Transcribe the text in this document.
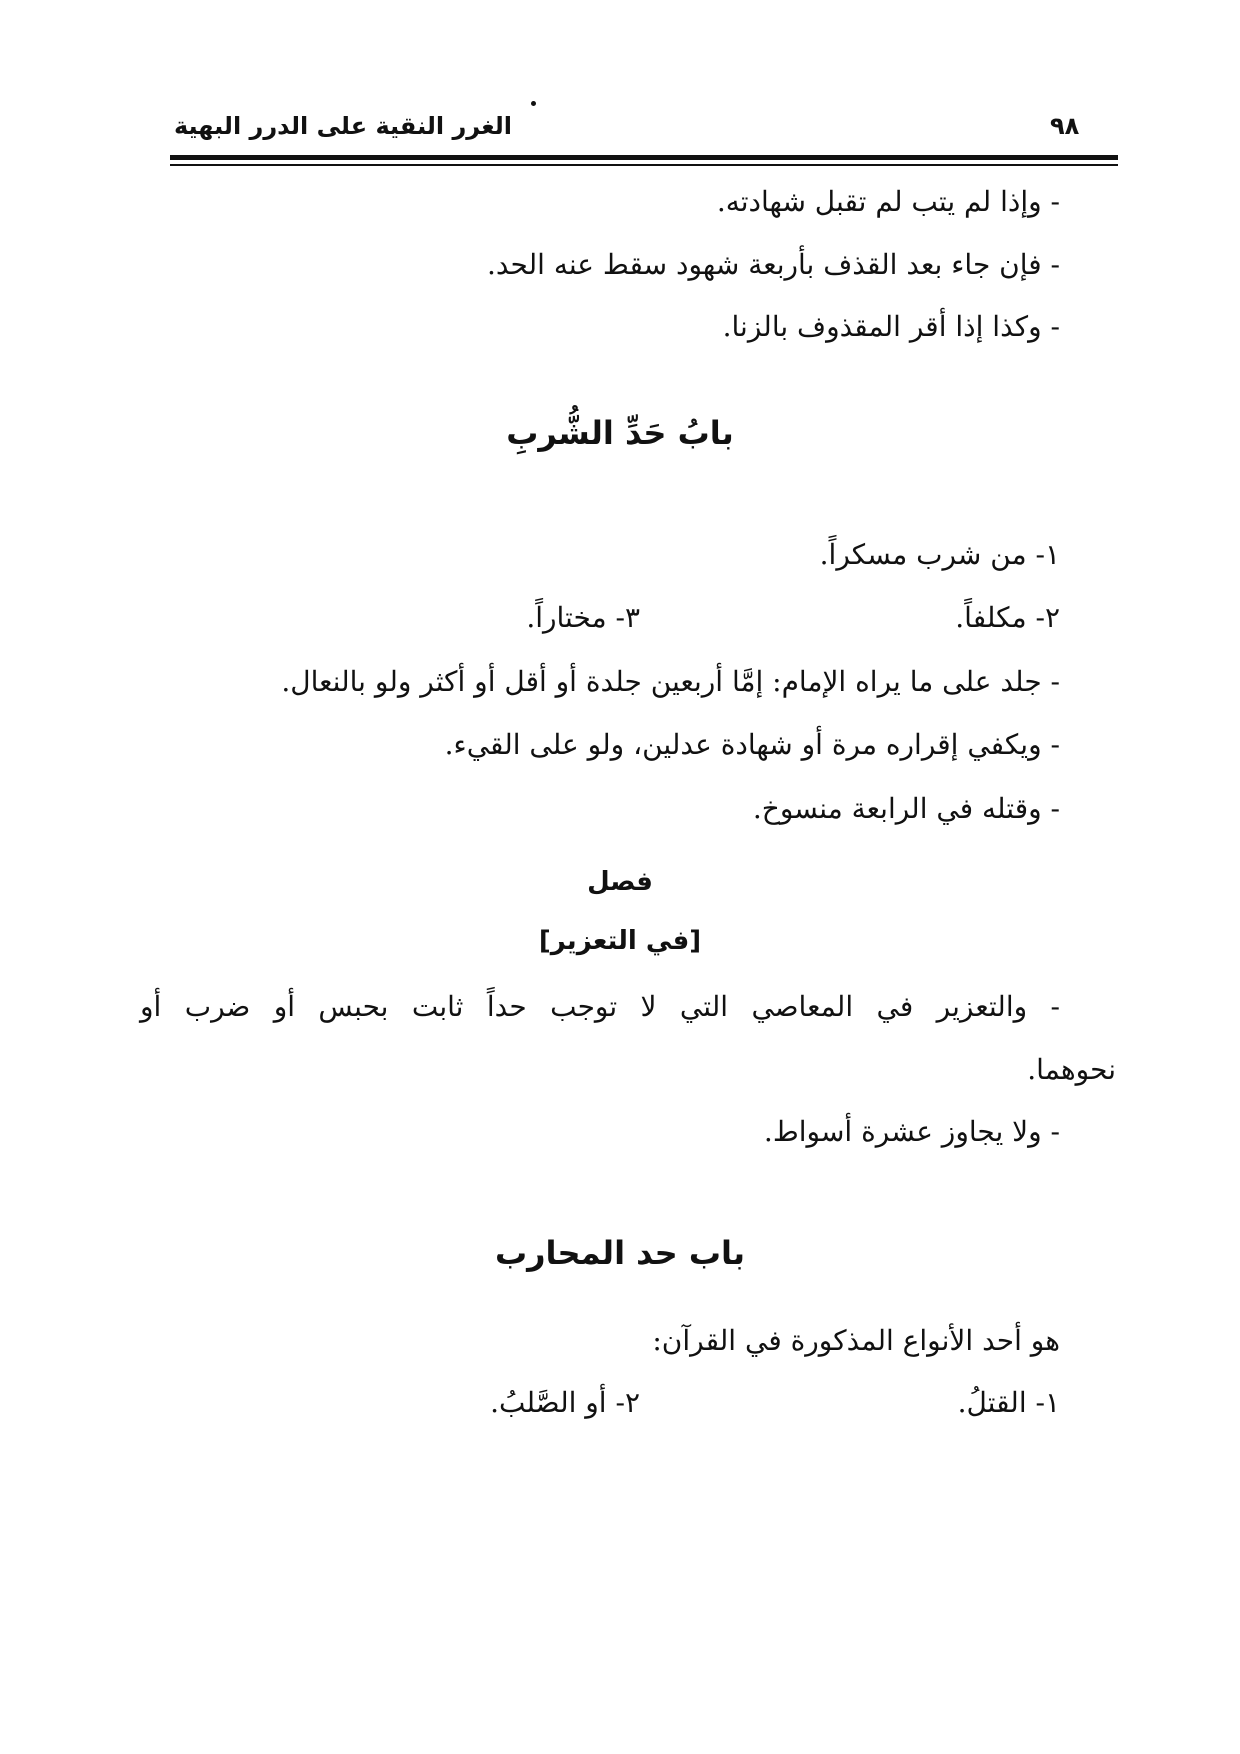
الغرر النقية على الدرر البهية	٩٨
- وإذا لم يتب لم تقبل شهادته.
- فإن جاء بعد القذف بأربعة شهود سقط عنه الحد.
- وكذا إذا أقر المقذوف بالزنا.
بابُ حَدِّ الشُّربِ
١- من شرب مسكراً.
٢- مكلفاً.
٣- مختاراً.
- جلد على ما يراه الإمام: إمَّا أربعين جلدة أو أقل أو أكثر ولو بالنعال.
- ويكفي إقراره مرة أو شهادة عدلين، ولو على القيء.
- وقتله في الرابعة منسوخ.
فصل
[في التعزير]
- والتعزير في المعاصي التي لا توجب حداً ثابت بحبس أو ضرب أو
نحوهما.
- ولا يجاوز عشرة أسواط.
باب حد المحارب
هو أحد الأنواع المذكورة في القرآن:
١- القتلُ.
٢- أو الصَّلبُ.
